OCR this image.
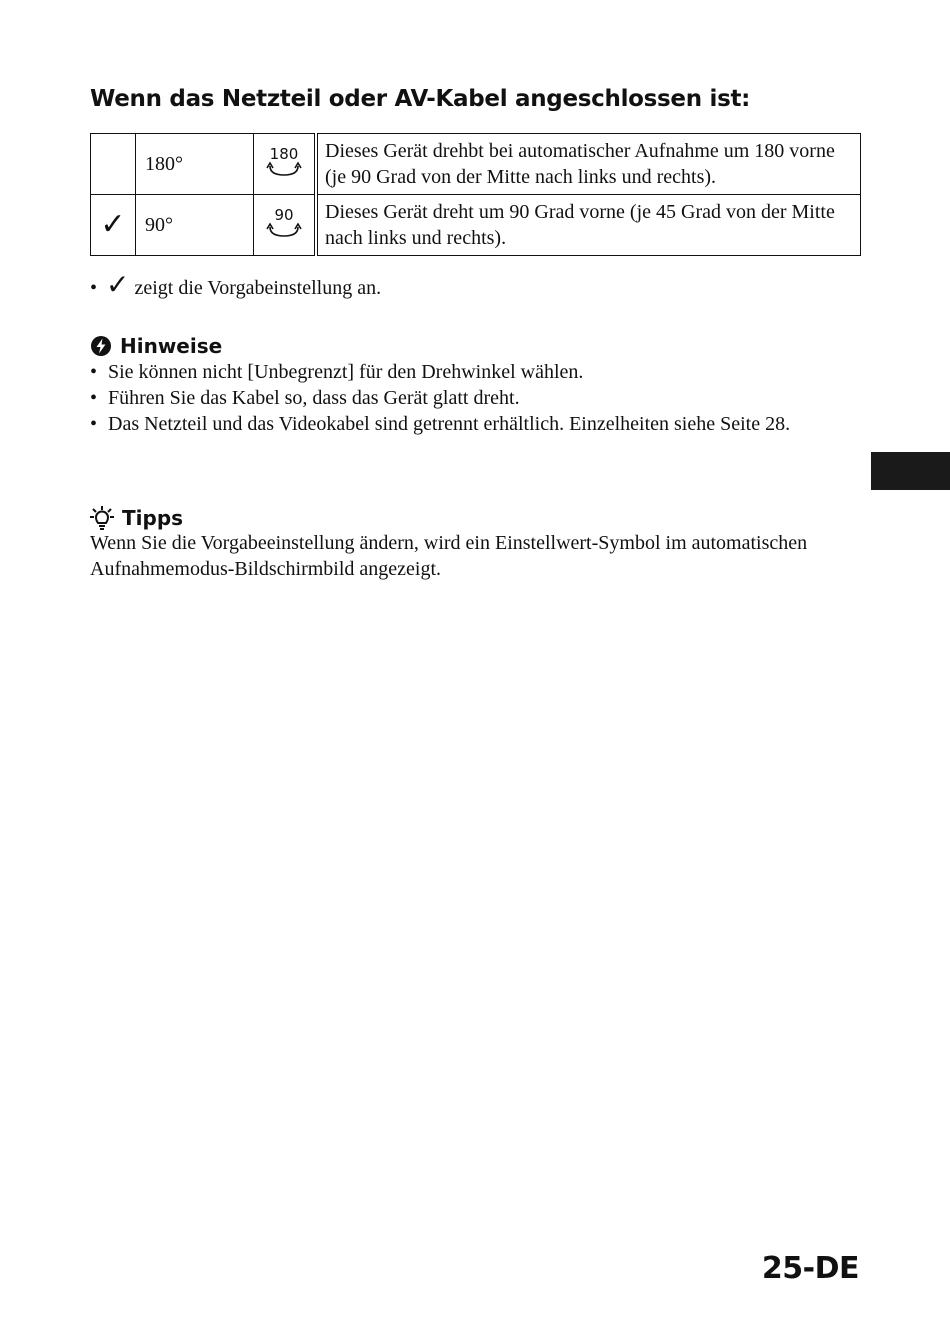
Wenn das Netzteil oder AV-Kabel angeschlossen ist:
	180°	180	Dieses Gerät drehbt bei automatischer Aufnahme um 180 vorne (je 90 Grad von der Mitte nach links und rechts).
✓	90°	90	Dieses Gerät dreht um 90 Grad vorne (je 45 Grad von der Mitte nach links und rechts).
• ✓ zeigt die Vorgabeinstellung an.
Hinweise
• Sie können nicht [Unbegrenzt] für den Drehwinkel wählen.
• Führen Sie das Kabel so, dass das Gerät glatt dreht.
• Das Netzteil und das Videokabel sind getrennt erhältlich. Einzelheiten siehe Seite 28.
Tipps

Wenn Sie die Vorgabeeinstellung ändern, wird ein Einstellwert-Symbol im automatischen Aufnahmemodus-Bildschirmbild angezeigt.

25-DE
